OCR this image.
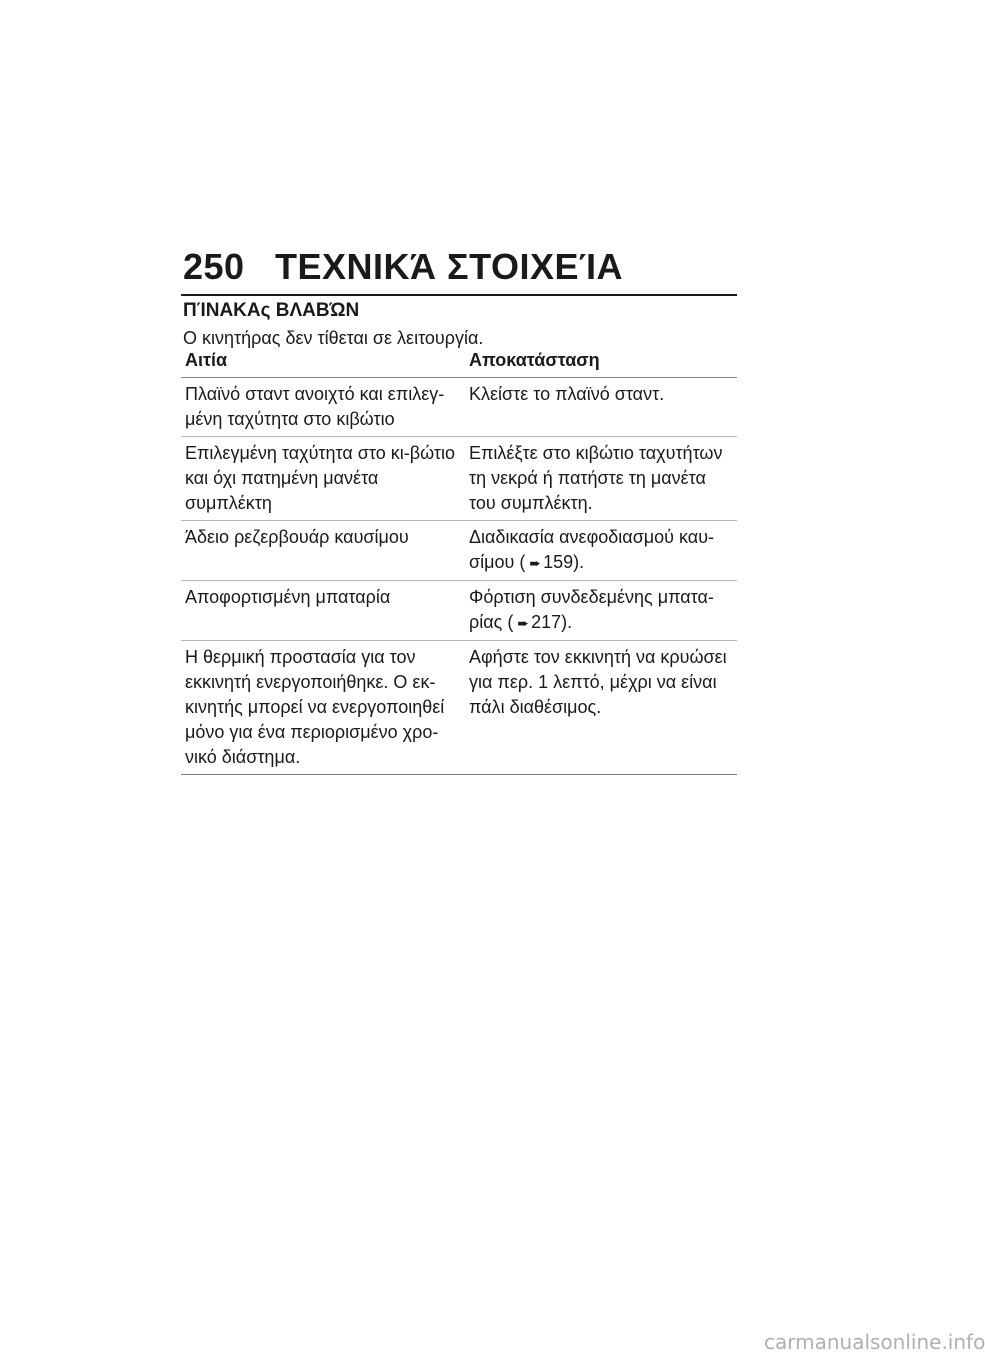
250 ΤΕΧΝΙΚΆ ΣΤΟΙΧΕΊΑ
ΠΊΝΑΚΑς ΒΛΑΒΏΝ
Ο κινητήρας δεν τίθεται σε λειτουργία.
Αιτία	Αποκατάσταση
Πλαϊνό σταντ ανοιχτό και επιλεγ-μένη ταχύτητα στο κιβώτιο	Κλείστε το πλαϊνό σταντ.
Επιλεγμένη ταχύτητα στο κι-βώτιο και όχι πατημένη μανέτα συμπλέκτη	Επιλέξτε στο κιβώτιο ταχυτήτων τη νεκρά ή πατήστε τη μανέτα του συμπλέκτη.
Άδειο ρεζερβουάρ καυσίμου	Διαδικασία ανεφοδιασμού καυ-σίμου ( ➨ 159).
Αποφορτισμένη μπαταρία	Φόρτιση συνδεδεμένης μπατα-ρίας ( ➨ 217).
Η θερμική προστασία για τον εκκινητή ενεργοποιήθηκε. Ο εκ-κινητής μπορεί να ενεργοποιηθεί μόνο για ένα περιορισμένο χρο-νικό διάστημα.	Αφήστε τον εκκινητή να κρυώσει για περ. 1 λεπτό, μέχρι να είναι πάλι διαθέσιμος.
carmanualsonline.info
